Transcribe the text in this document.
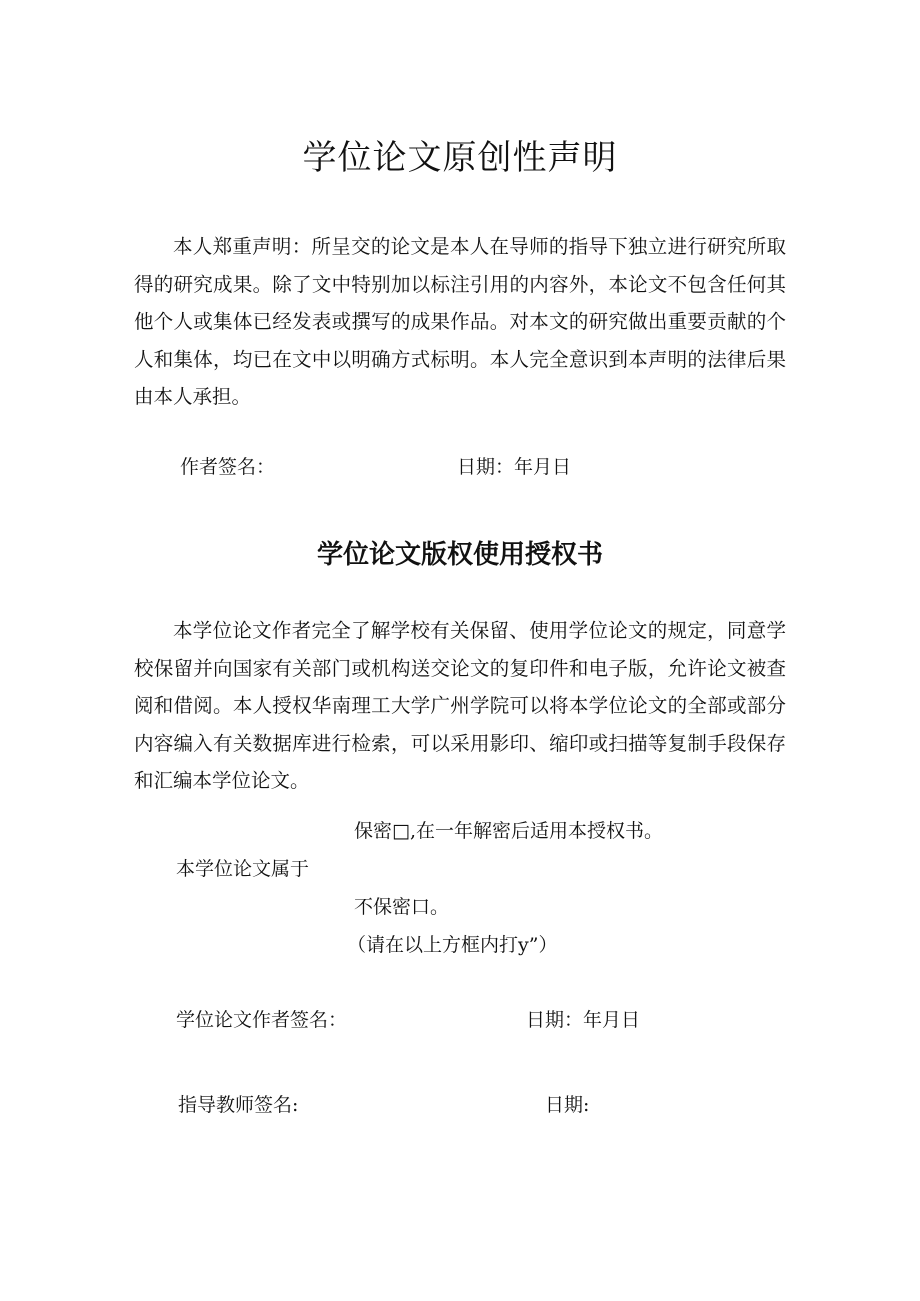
学位论文原创性声明

本人郑重声明：所呈交的论文是本人在导师的指导下独立进行研究所取得的研究成果。除了文中特别加以标注引用的内容外，本论文不包含任何其他个人或集体已经发表或撰写的成果作品。对本文的研究做出重要贡献的个人和集体，均已在文中以明确方式标明。本人完全意识到本声明的法律后果由本人承担。

作者签名：	日期：年月日
学位论文版权使用授权书

本学位论文作者完全了解学校有关保留、使用学位论文的规定，同意学校保留并向国家有关部门或机构送交论文的复印件和电子版，允许论文被查阅和借阅。本人授权华南理工大学广州学院可以将本学位论文的全部或部分内容编入有关数据库进行检索，可以采用影印、缩印或扫描等复制手段保存和汇编本学位论文。

保密□,在一年解密后适用本授权书。
本学位论文属于
不保密口。
（请在以上方框内打y”）
学位论文作者签名：	日期：年月日
指导教师签名:	日期:
